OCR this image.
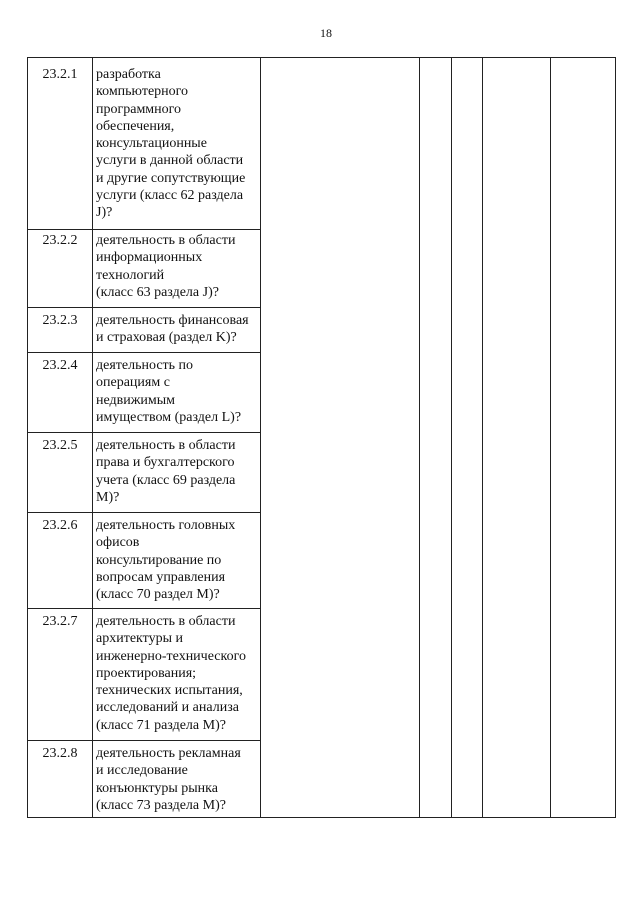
18
23.2.1	разработка
компьютерного
программного
обеспечения,
консультационные
услуги в данной области
и другие сопутствующие
услуги (класс 62 раздела
J)?
23.2.2	деятельность в области
информационных
технологий
(класс 63 раздела J)?
23.2.3	деятельность финансовая
и страховая (раздел K)?
23.2.4	деятельность по
операциям с
недвижимым
имуществом (раздел L)?
23.2.5	деятельность в области
права и бухгалтерского
учета (класс 69 раздела
M)?
23.2.6	деятельность головных
офисов
консультирование по
вопросам управления
(класс 70 раздел M)?
23.2.7	деятельность в области
архитектуры и
инженерно-технического
проектирования;
технических испытания,
исследований и анализа
(класс 71 раздела M)?
23.2.8	деятельность рекламная
и исследование
конъюнктуры рынка
(класс 73 раздела M)?
